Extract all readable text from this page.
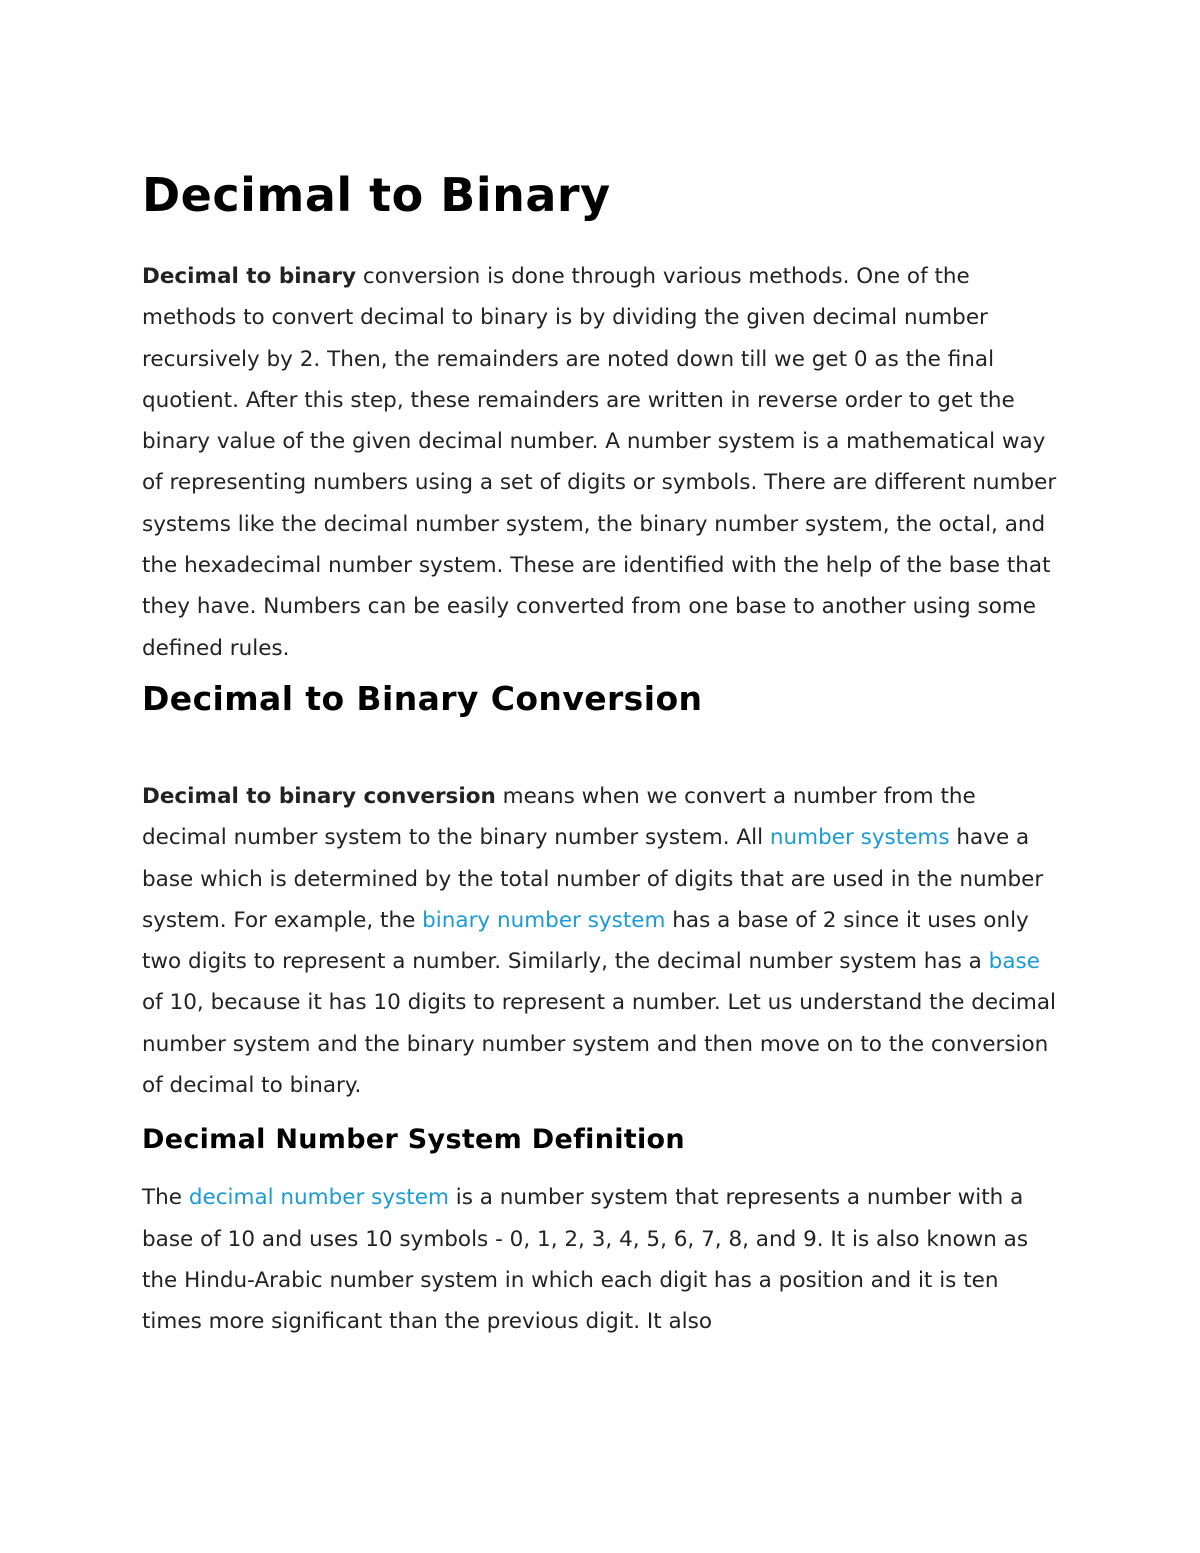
Decimal to Binary

Decimal to binary conversion is done through various methods. One of the methods to convert decimal to binary is by dividing the given decimal number recursively by 2. Then, the remainders are noted down till we get 0 as the final quotient. After this step, these remainders are written in reverse order to get the binary value of the given decimal number. A number system is a mathematical way of representing numbers using a set of digits or symbols. There are different number systems like the decimal number system, the binary number system, the octal, and the hexadecimal number system. These are identified with the help of the base that they have. Numbers can be easily converted from one base to another using some defined rules.

Decimal to Binary Conversion

Decimal to binary conversion means when we convert a number from the decimal number system to the binary number system. All number systems have a base which is determined by the total number of digits that are used in the number system. For example, the binary number system has a base of 2 since it uses only two digits to represent a number. Similarly, the decimal number system has a base of 10, because it has 10 digits to represent a number. Let us understand the decimal number system and the binary number system and then move on to the conversion of decimal to binary.

Decimal Number System Definition

The decimal number system is a number system that represents a number with a base of 10 and uses 10 symbols - 0, 1, 2, 3, 4, 5, 6, 7, 8, and 9. It is also known as the Hindu-Arabic number system in which each digit has a position and it is ten times more significant than the previous digit. It also
